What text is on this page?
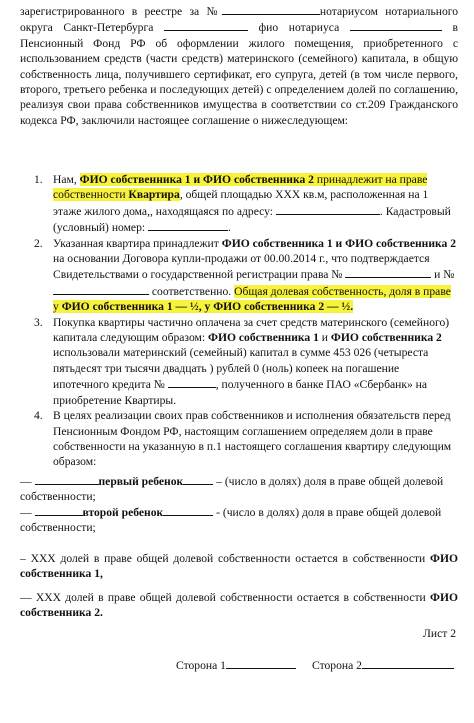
зарегистрированного в реестре за №	нотариусом нотариального округа Санкт-Петербурга	фио нотариуса	в Пенсионный Фонд РФ об оформлении жилого помещения, приобретенного с использованием средств (части средств) материнского (семейного) капитала, в общую собственность лица, получившего сертификат, его супруга, детей (в том числе первого, второго, третьего ребенка и последующих детей) с определением долей по соглашению, реализуя свои права собственников имущества в соответствии со ст.209 Гражданского кодекса РФ, заключили настоящее соглашение о нижеследующем:

1. Нам, ФИО собственника 1 и ФИО собственника 2 принадлежит на праве собственности Квартира, общей площадью ХХХ кв.м, расположенная на 1 этаже жилого дома,, находящаяся по адресу:	. Кадастровый (условный) номер:	.
2. Указанная квартира принадлежит ФИО собственника 1 и ФИО собственника 2 на основании Договора купли-продажи от 00.00.2014 г., что подтверждается Свидетельствами о государственной регистрации права №	и №  соответственно. Общая долевая собственность, доля в праве у ФИО собственника 1 — ½, у ФИО собственника 2 — ½.
3. Покупка квартиры частично оплачена за счет средств материнского (семейного) капитала следующим образом: ФИО собственника 1 и ФИО собственника 2 использовали материнский (семейный) капитал в сумме 453 026 (четыреста пятьдесят три тысячи двадцать ) рублей 0 (ноль) копеек на погашение ипотечного кредита №	, полученного в банке ПАО «Сбербанк» на приобретение Квартиры.
4. В целях реализации своих прав собственников и исполнения обязательств перед Пенсионным Фондом РФ, настоящим соглашением определяем доли в праве собственности на указанную в п.1 настоящего соглашения квартиру следующим образом:
—	первый ребенок	– (число в долях) доля в праве общей долевой собственности;
—	второй ребенок	- (число в долях) доля в праве общей долевой собственности;
– ХХХ долей в праве общей долевой собственности остается в собственности ФИО собственника 1,
— ХХХ долей в праве общей долевой собственности остается в собственности ФИО собственника 2.
Лист 2
Сторона 1	Сторона 2
